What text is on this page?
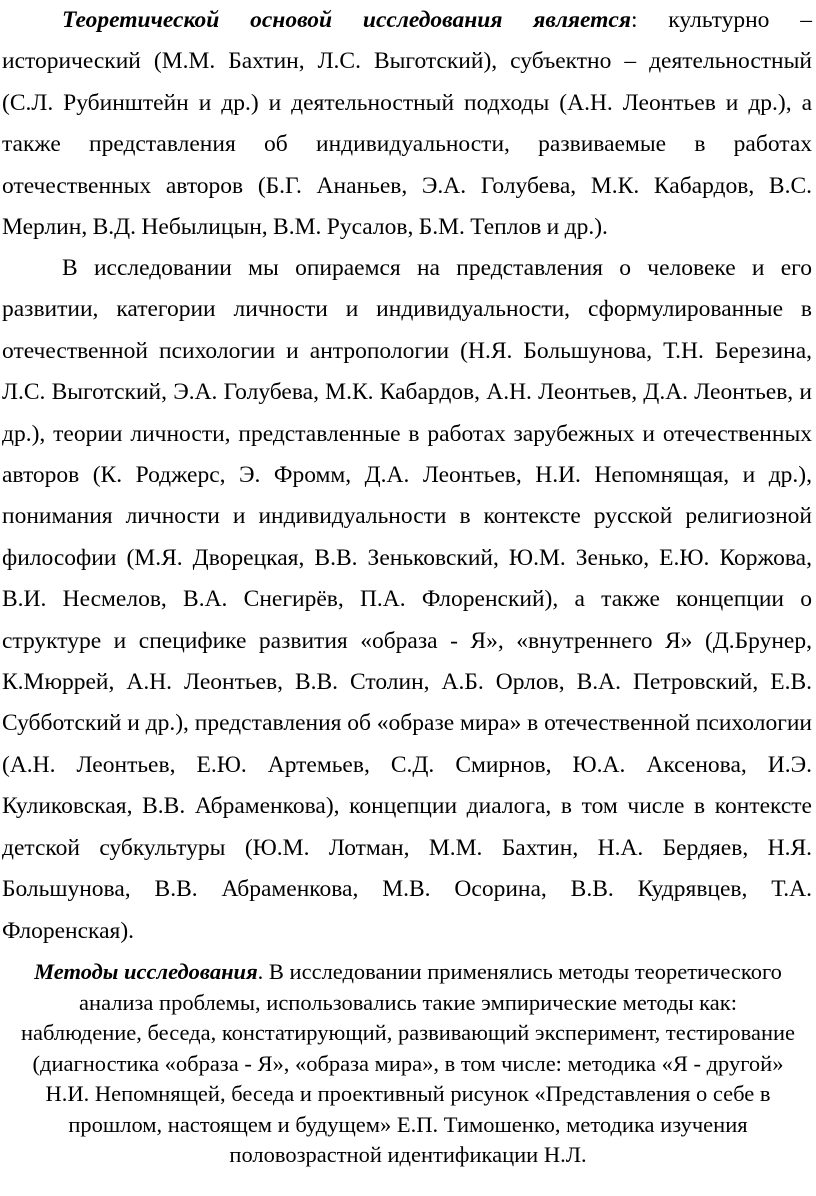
Теоретической основой исследования является: культурно – исторический (М.М. Бахтин, Л.С. Выготский), субъектно – деятельностный (С.Л. Рубинштейн и др.) и деятельностный подходы (А.Н. Леонтьев и др.), а также представления об индивидуальности, развиваемые в работах отечественных авторов (Б.Г. Ананьев, Э.А. Голубева, М.К. Кабардов, В.С. Мерлин, В.Д. Небылицын, В.М. Русалов, Б.М. Теплов и др.).

В исследовании мы опираемся на представления о человеке и его развитии, категории личности и индивидуальности, сформулированные в отечественной психологии и антропологии (Н.Я. Большунова, Т.Н. Березина, Л.С. Выготский, Э.А. Голубева, М.К. Кабардов, А.Н. Леонтьев, Д.А. Леонтьев, и др.), теории личности, представленные в работах зарубежных и отечественных авторов (К. Роджерс, Э. Фромм, Д.А. Леонтьев, Н.И. Непомнящая, и др.), понимания личности и индивидуальности в контексте русской религиозной философии (М.Я. Дворецкая, В.В. Зеньковский, Ю.М. Зенько, Е.Ю. Коржова, В.И. Несмелов, В.А. Снегирёв, П.А. Флоренский), а также концепции о структуре и специфике развития «образа - Я», «внутреннего Я» (Д.Брунер, К.Мюррей, А.Н. Леонтьев, В.В. Столин, А.Б. Орлов, В.А. Петровский, Е.В. Субботский и др.), представления об «образе мира» в отечественной психологии (А.Н. Леонтьев, Е.Ю. Артемьев, С.Д. Смирнов, Ю.А. Аксенова, И.Э. Куликовская, В.В. Абраменкова), концепции диалога, в том числе в контексте детской субкультуры (Ю.М. Лотман, М.М. Бахтин, Н.А. Бердяев, Н.Я. Большунова, В.В. Абраменкова, М.В. Осорина, В.В. Кудрявцев, Т.А. Флоренская).

Методы исследования. В исследовании применялись методы теоретического анализа проблемы, использовались такие эмпирические методы как: наблюдение, беседа, констатирующий, развивающий эксперимент, тестирование (диагностика «образа - Я», «образа мира», в том числе: методика «Я - другой» Н.И. Непомнящей, беседа и проективный рисунок «Представления о себе в прошлом, настоящем и будущем» Е.П. Тимошенко, методика изучения половозрастной идентификации Н.Л.
